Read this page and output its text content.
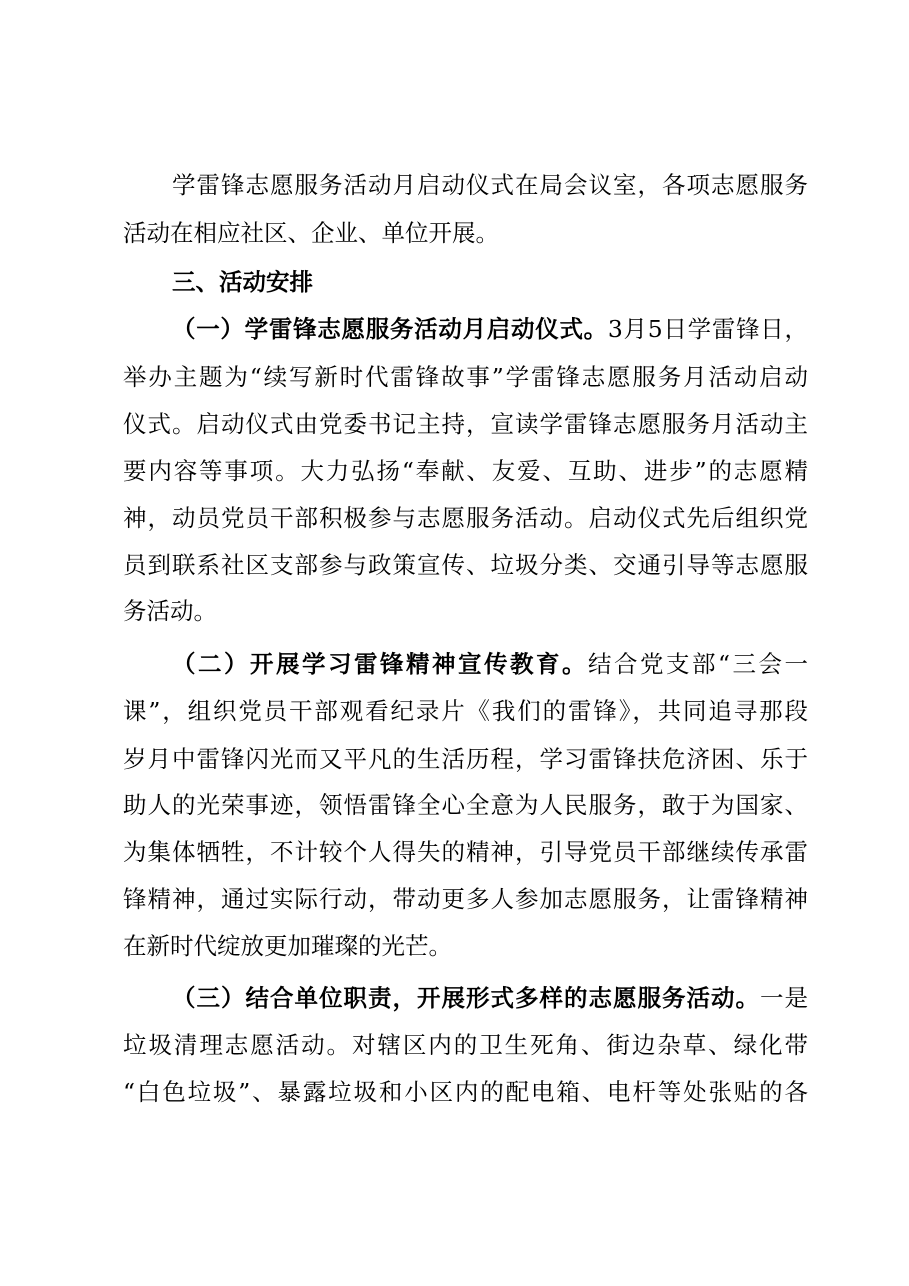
学雷锋志愿服务活动月启动仪式在局会议室，各项志愿服务
活动在相应社区、企业、单位开展。
三、活动安排
（一）学雷锋志愿服务活动月启动仪式。3月5日学雷锋日，
举办主题为“续写新时代雷锋故事”学雷锋志愿服务月活动启动
仪式。启动仪式由党委书记主持，宣读学雷锋志愿服务月活动主
要内容等事项。大力弘扬“奉献、友爱、互助、进步”的志愿精
神，动员党员干部积极参与志愿服务活动。启动仪式先后组织党
员到联系社区支部参与政策宣传、垃圾分类、交通引导等志愿服
务活动。
（二）开展学习雷锋精神宣传教育。结合党支部“三会一
课”，组织党员干部观看纪录片《我们的雷锋》，共同追寻那段
岁月中雷锋闪光而又平凡的生活历程，学习雷锋扶危济困、乐于
助人的光荣事迹，领悟雷锋全心全意为人民服务，敢于为国家、
为集体牺牲，不计较个人得失的精神，引导党员干部继续传承雷
锋精神，通过实际行动，带动更多人参加志愿服务，让雷锋精神
在新时代绽放更加璀璨的光芒。
（三）结合单位职责，开展形式多样的志愿服务活动。一是
垃圾清理志愿活动。对辖区内的卫生死角、街边杂草、绿化带
“白色垃圾”、暴露垃圾和小区内的配电箱、电杆等处张贴的各
